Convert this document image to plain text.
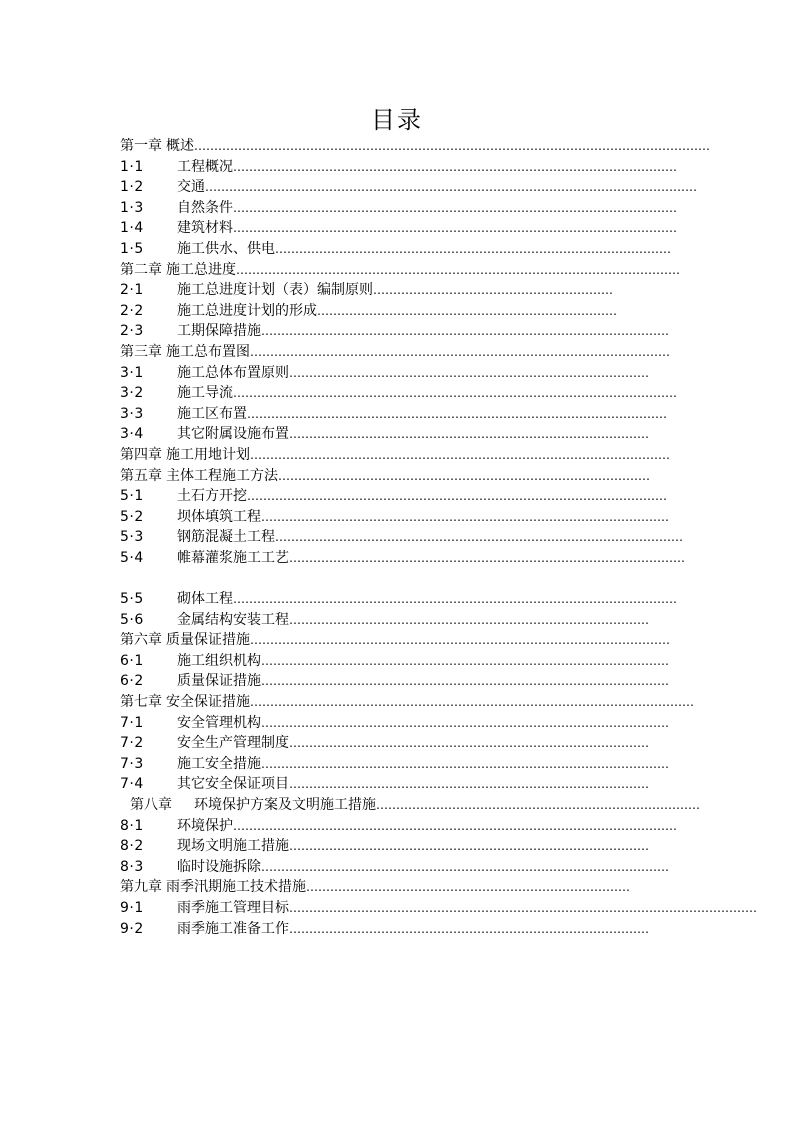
目录
第一章 概述 …………………………………………………………………………………………………………………
1·1	工程概况 …………………………………………………………………………………………………
1·2	交通 ……………………………………………………………………………………………………………
1·3	自然条件 …………………………………………………………………………………………………
1·4	建筑材料 …………………………………………………………………………………………………
1·5	施工供水、供电 ………………………………………………………………………………………
第二章 施工总进度 …………………………………………………………………………………………………
2·1	施工总进度计划（表）编制原则 ……………………………………………………
2·2	施工总进度计划的形成 …………………………………………………………………
2·3	工期保障措施 …………………………………………………………………………………………
第三章 施工总布置图 ……………………………………………………………………………………………
3·1	施工总体布置原则 ………………………………………………………………………………
3·2	施工导流 …………………………………………………………………………………………………
3·3	施工区布置 ……………………………………………………………………………………………
3·4	其它附属设施布置 ………………………………………………………………………………
第四章 施工用地计划 ……………………………………………………………………………………………
第五章 主体工程施工方法 …………………………………………………………………………………
5·1	土石方开挖 ……………………………………………………………………………………………
5·2	坝体填筑工程 …………………………………………………………………………………………
5·3	钢筋混凝土工程 …………………………………………………………………………………………
5·4	帷幕灌浆施工工艺 ………………………………………………………………………………………
5·5	砌体工程 …………………………………………………………………………………………………
5·6	金属结构安装工程 ………………………………………………………………………………
第六章 质量保证措施 ……………………………………………………………………………………………
6·1	施工组织机构 …………………………………………………………………………………………
6·2	质量保证措施 …………………………………………………………………………………………
第七章 安全保证措施 …………………………………………………………………………………………………
7·1	安全管理机构 …………………………………………………………………………………………
7·2	安全生产管理制度 ………………………………………………………………………………
7·3	施工安全措施 …………………………………………………………………………………………
7·4	其它安全保证项目 ………………………………………………………………………………
第八章 环境保护方案及文明施工措施 ………………………………………………………………………
8·1	环境保护 …………………………………………………………………………………………………
8·2	现场文明施工措施 ………………………………………………………………………………
8·3	临时设施拆除 …………………………………………………………………………………………
第九章 雨季汛期施工技术措施 ………………………………………………………………………
9·1	雨季施工管理目标 ………………………………………………………………………………………………………
9·2	雨季施工准备工作 ………………………………………………………………………………
